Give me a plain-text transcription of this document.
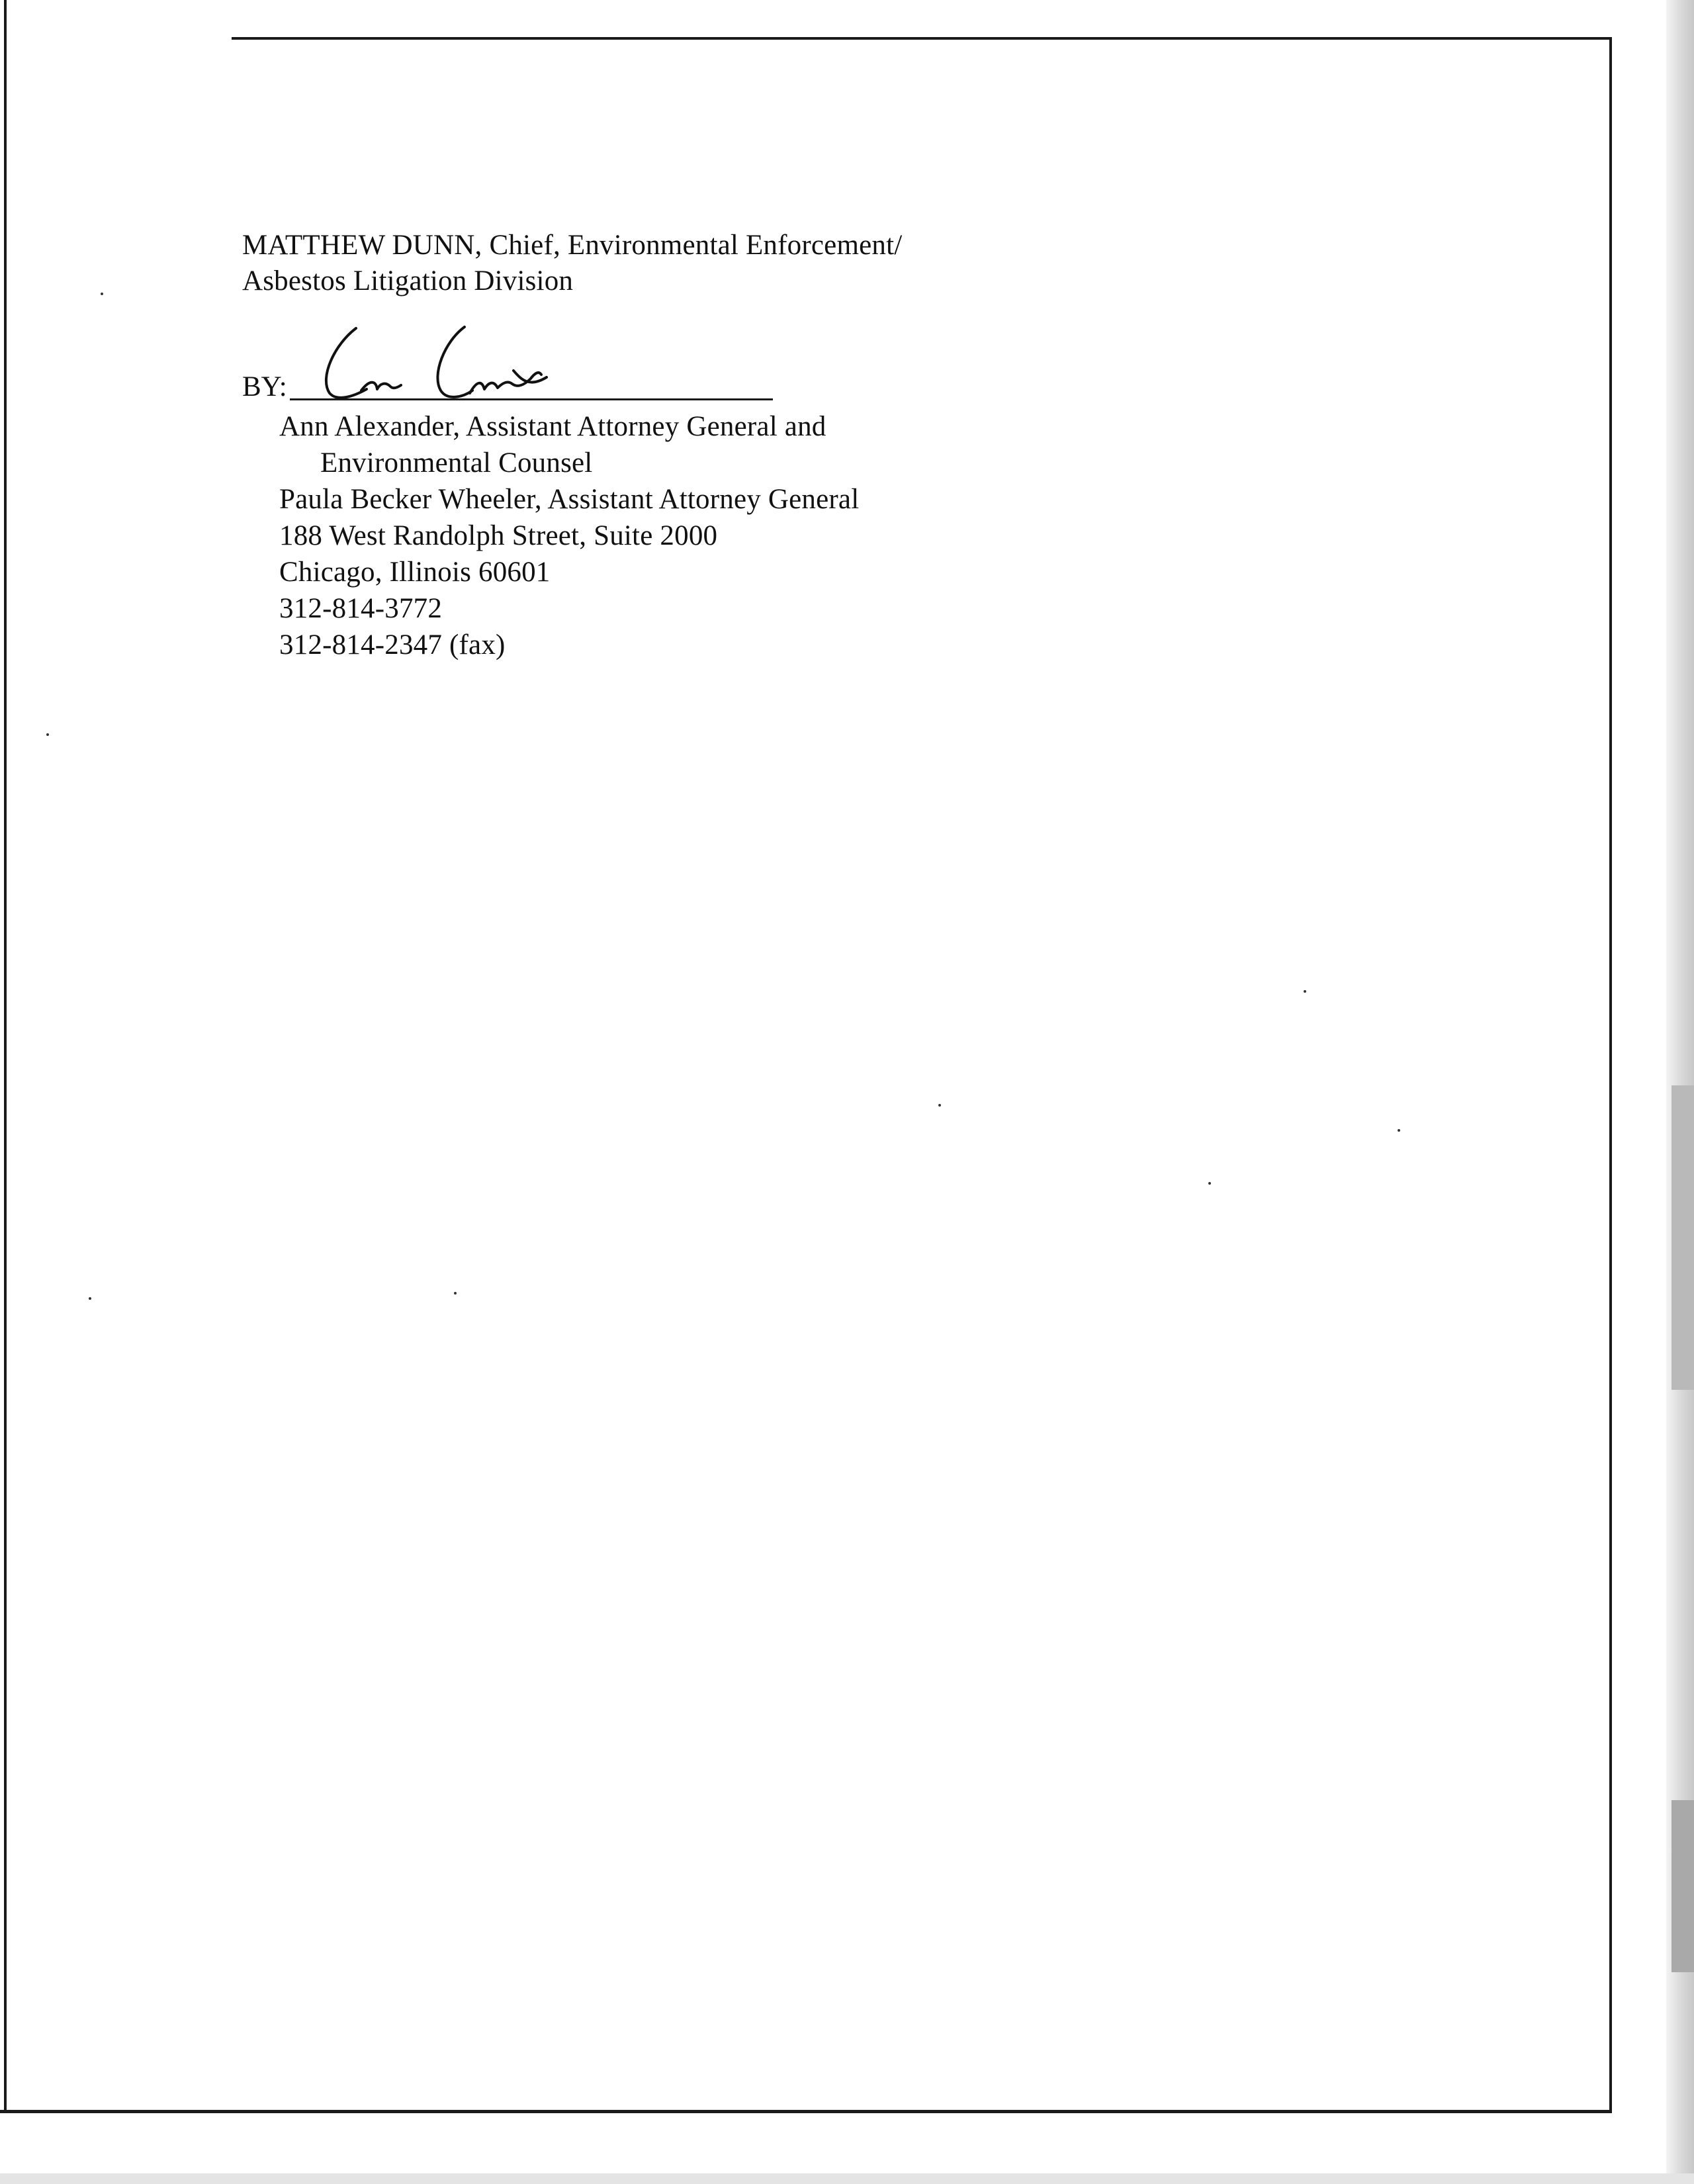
MATTHEW DUNN, Chief, Environmental Enforcement/
Asbestos Litigation Division
BY:
Ann Alexander, Assistant Attorney General and
Environmental Counsel
Paula Becker Wheeler, Assistant Attorney General
188 West Randolph Street, Suite 2000
Chicago, Illinois 60601
312-814-3772
312-814-2347 (fax)
